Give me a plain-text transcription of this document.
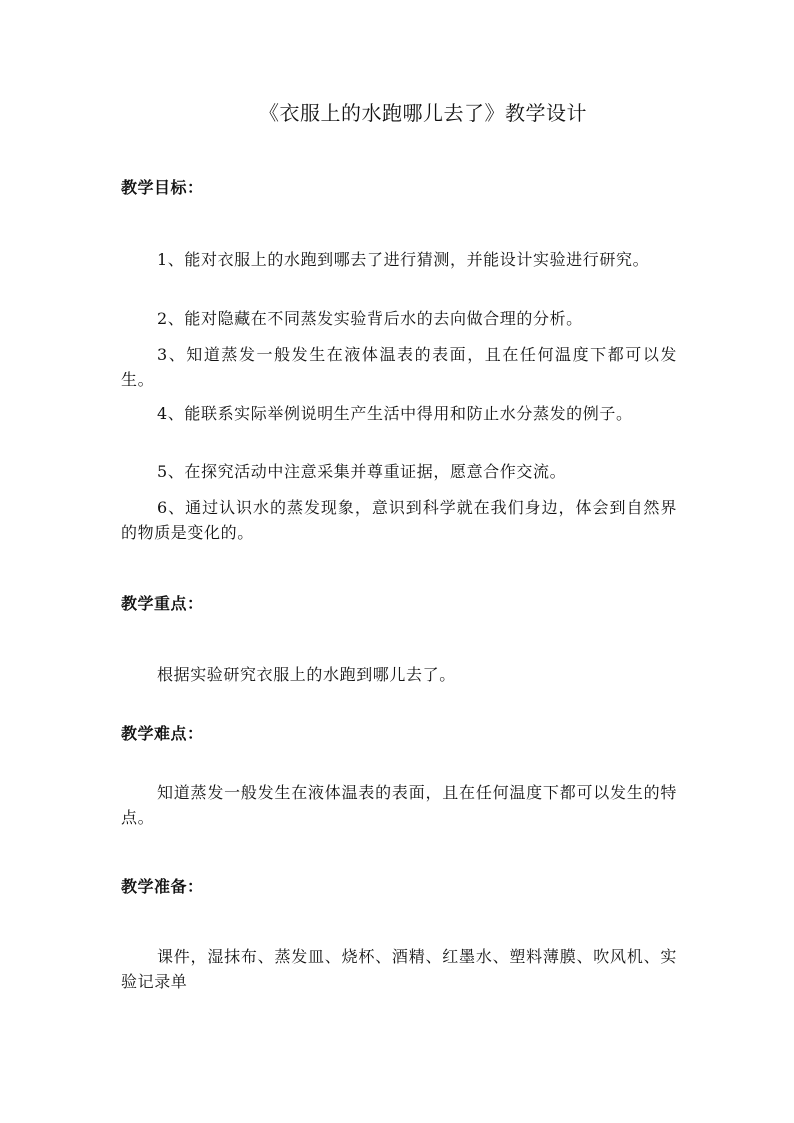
《衣服上的水跑哪儿去了》教学设计
教学目标：
1、能对衣服上的水跑到哪去了进行猜测，并能设计实验进行研究。
2、能对隐藏在不同蒸发实验背后水的去向做合理的分析。
3、知道蒸发一般发生在液体温表的表面，且在任何温度下都可以发生。
4、能联系实际举例说明生产生活中得用和防止水分蒸发的例子。
5、在探究活动中注意采集并尊重证据，愿意合作交流。
6、通过认识水的蒸发现象，意识到科学就在我们身边，体会到自然界的物质是变化的。
教学重点：
根据实验研究衣服上的水跑到哪儿去了。
教学难点：
知道蒸发一般发生在液体温表的表面，且在任何温度下都可以发生的特点。
教学准备：
课件，湿抹布、蒸发皿、烧杯、酒精、红墨水、塑料薄膜、吹风机、实验记录单
